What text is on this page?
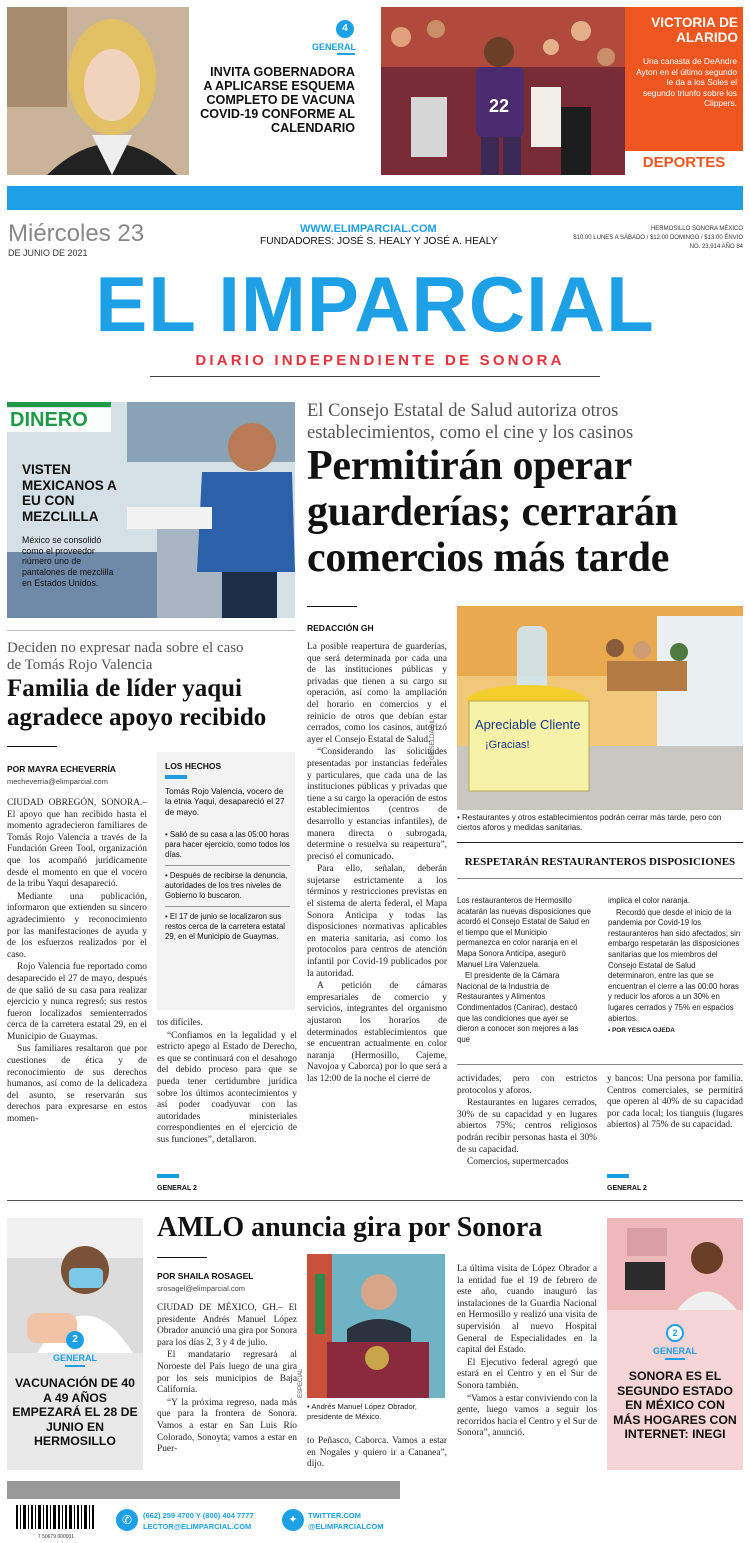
4
GENERAL
INVITA GOBERNADORA A APLICARSE ESQUEMA COMPLETO DE VACUNA COVID-19 CONFORME AL CALENDARIO
22
VICTORIA DE ALARIDO
Una canasta de DeAndre Ayton en el último segundo le da a los Soles el segundo triunfo sobre los Clippers.
DEPORTES
Miércoles 23
DE JUNIO DE 2021
WWW.ELIMPARCIAL.COM
FUNDADORES: JOSÉ S. HEALY Y JOSÉ A. HEALY
HERMOSILLO SONORA MÉXICO
$10.00 LUNES A SÁBADO / $12.00 DOMINGO / $13.00 ÉNVIO
NO. 23,914 AÑO 84
EL IMPARCIAL
DIARIO INDEPENDIENTE DE SONORA
DINERO
VISTEN MEXICANOS A EU CON MEZCLILLA
México se consolidó como el proveedor número uno de pantalones de mezclilla en Estados Unidos.
El Consejo Estatal de Salud autoriza otros establecimientos, como el cine y los casinos
Permitirán operar guarderías; cerrarán comercios más tarde
REDACCIÓN GH

La posible reapertura de guarderías, que será determinada por cada una de las instituciones públicas y privadas que tienen a su cargo su operación, así como la ampliación del horario en comercios y el reinicio de otros que debían estar cerrados, como los casinos, autorizó ayer el Consejo Estatal de Salud.

“Considerando las solicitudes presentadas por instancias federales y particulares, que cada una de las instituciones públicas y privadas que tiene a su cargo la operación de estos establecimientos (centros de desarrollo y estancias infantiles), de manera directa o subrogada, determine o resuelva su reapertura”, precisó el comunicado.

Para ello, señalan, deberán sujetarse estrictamente a los términos y restricciones previstas en el sistema de alerta federal, el Mapa Sonora Anticipa y todas las disposiciones normativas aplicables en materia sanitaria, así como los protocolos para centros de atención infantil por Covid-19 publicados por la autoridad.

A petición de cámaras empresariales de comercio y servicios, integrantes del organismo ajustaron los horarios de determinados establecimientos que se encuentran actualmente en color naranja (Hermosillo, Cajeme, Navojoa y Caborca) por lo que será a las 12:00 de la noche el cierre de

Apreciable Cliente
¡Gracias!
GRISELDA GIL
• Restaurantes y otros establecimientos podrán cerrar más tarde, pero con ciertos aforos y medidas sanitarias.
RESPETARÁN RESTAURANTEROS DISPOSICIONES

Los restauranteros de Hermosillo acatarán las nuevas disposiciones que acordó el Consejo Estatal de Salud en el tiempo que el Municipio permanezca en color naranja en el Mapa Sonora Anticipa, aseguró Manuel Lira Valenzuela.

El presidente de la Cámara Nacional de la Industria de Restaurantes y Alimentos Condimentados (Canirac), destacó que las condiciones que ayer se dieron a conocer son mejores a las que

implica el color naranja.

Recordó que desde el inicio de la pandemia por Covid-19 los restauranteros han sido afectados; sin embargo respetarán las disposiciones sanitarias que los miembros del Consejo Estatal de Salud determinaron, entre las que se encuentran el cierre a las 00:00 horas y reducir los aforos a un 30% en lugares cerrados y 75% en espacios abiertos.

• POR YESICA OJEDA

actividades, pero con estrictos protocolos y aforos.

Restaurantes en lugares cerrados, 30% de su capacidad y en lugares abiertos 75%; centros religiosos podrán recibir personas hasta el 30% de su capacidad.

Comercios, supermercados

y bancos: Una persona por familia. Centros comerciales, se permitirá que operen al 40% de su capacidad por cada local; los tianguis (lugares abiertos) al 75% de su capacidad.

GENERAL 2
Deciden no expresar nada sobre el caso de Tomás Rojo Valencia
Familia de líder yaqui agradece apoyo recibido
POR MAYRA ECHEVERRÍA
mecheverria@elimparcial.com

CIUDAD OBREGÓN, SONORA.– El apoyo que han recibido hasta el momento agradecieron familiares de Tomás Rojo Valencia a través de la Fundación Green Tool, organización que los acompañó jurídicamente desde el momento en que el vocero de la tribu Yaqui desapareció.

Mediante una publicación, informaron que extienden su sincero agradecimiento y reconocimiento por las manifestaciones de ayuda y de los esfuerzos realizados por el caso.

Rojo Valencia fue reportado como desaparecido el 27 de mayo, después de que salió de su casa para realizar ejercicio y nunca regresó; sus restos fueron localizados semienterrados cerca de la carretera estatal 29, en el Municipio de Guaymas.

Sus familiares resaltaron que por cuestiones de ética y de reconocimiento de sus derechos humanos, así como de la delicadeza del asunto, se reservarán sus derechos para expresarse en estos momen-

LOS HECHOS
Tomás Rojo Valencia, vocero de la etnia Yaqui, desapareció el 27 de mayo.

• Salió de su casa a las 05:00 horas para hacer ejercicio, como todos los días.

• Después de recibirse la denuncia, autoridades de los tres niveles de Gobierno lo buscaron.

• El 17 de junio se localizaron sus restos cerca de la carretera estatal 29, en el Municipio de Guaymas.

tos difíciles.

“Confiamos en la legalidad y el estricto apego al Estado de Derecho, es que se continuará con el desahogo del debido proceso para que se pueda tener certidumbre jurídica sobre los últimos acontecimientos y así poder coadyuvar con las autoridades ministeriales correspondientes en el ejercicio de sus funciones”, detallaron.

GENERAL 2
2
GENERAL
VACUNACIÓN DE 40 A 49 AÑOS EMPEZARÁ EL 28 DE JUNIO EN HERMOSILLO
AMLO anuncia gira por Sonora
POR SHAILA ROSAGEL
srosagel@elimparcial.com

CIUDAD DE MÉXICO, GH.– El presidente Andrés Manuel López Obrador anunció una gira por Sonora para los días 2, 3 y 4 de julio.

El mandatario regresará al Noroeste del País luego de una gira por los seis municipios de Baja California.

“Y la próxima regreso, nada más que para la frontera de Sonora. Vamos a estar en San Luis Río Colorado, Sonoyta; vamos a estar en Puer-

ESPECIAL
• Andrés Manuel López Obrador, presidente de México.

to Peñasco, Caborca. Vamos a estar en Nogales y quiero ir a Cananea”, dijo.

La última visita de López Obrador a la entidad fue el 19 de febrero de este año, cuando inauguró las instalaciones de la Guardia Nacional en Hermosillo y realizó una visita de supervisión al nuevo Hospital General de Especialidades en la capital del Estado.

El Ejecutivo federal agregó que estará en el Centro y en el Sur de Sonora también.

“Vamos a estar conviviendo con la gente, luego vamos a seguir los recorridos hacia el Centro y el Sur de Sonora”, anunció.

2
GENERAL
SONORA ES EL SEGUNDO ESTADO EN MÉXICO CON MÁS HOGARES CON INTERNET: INEGI
7 50679 000001
✆	(662) 259 4700 Y (800) 404 7777
LECTOR@ELIMPARCIAL.COM
✦	TWITTER.COM
@ELIMPARCIALCOM
